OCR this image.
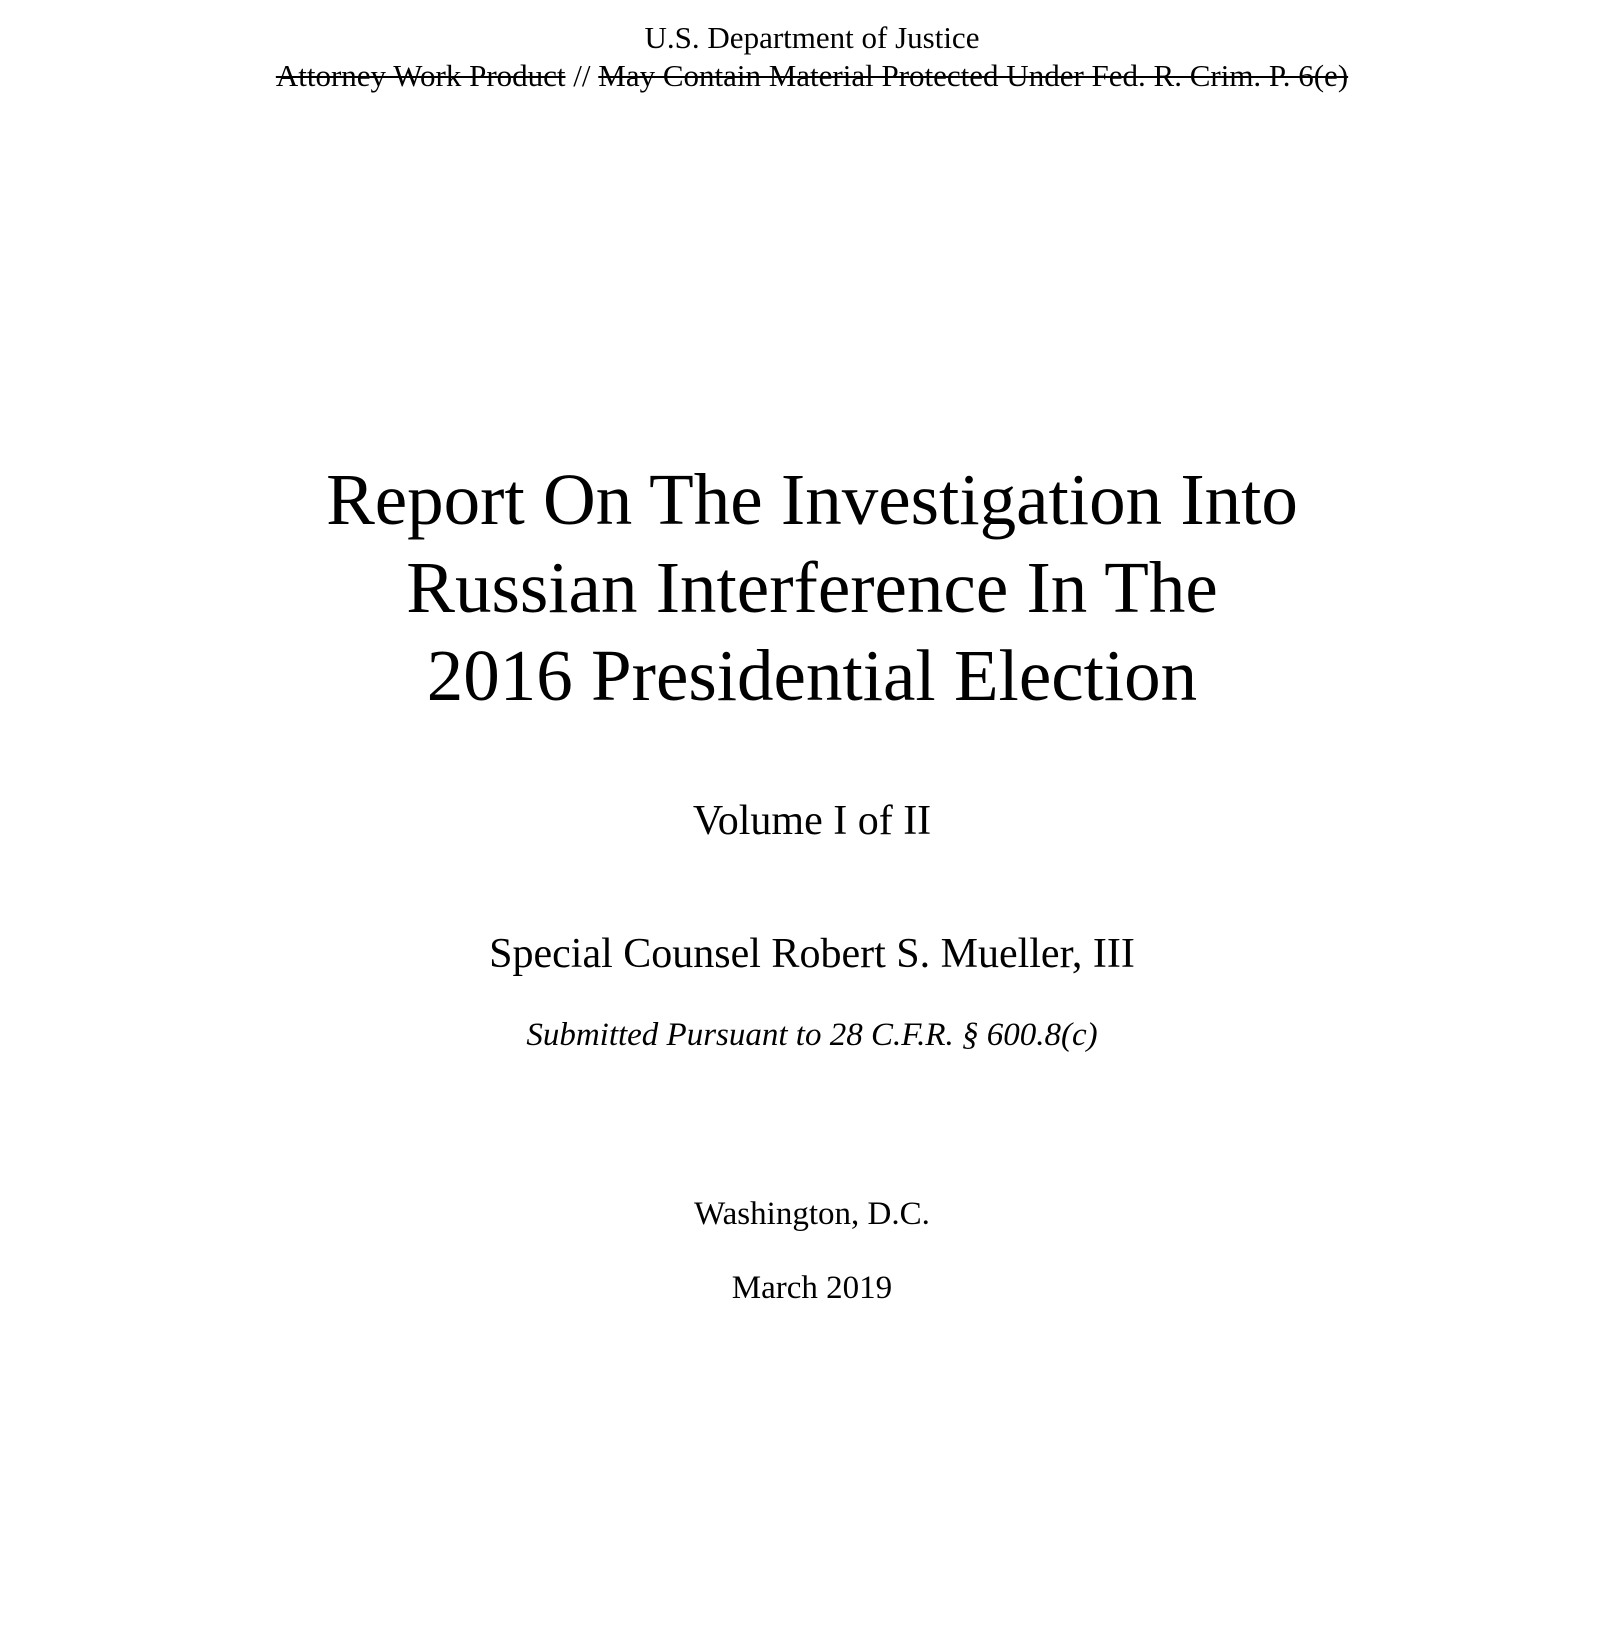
U.S. Department of Justice
Attorney Work Product // May Contain Material Protected Under Fed. R. Crim. P. 6(e)
Report On The Investigation Into
Russian Interference In The
2016 Presidential Election
Volume I of II
Special Counsel Robert S. Mueller, III
Submitted Pursuant to 28 C.F.R. § 600.8(c)
Washington, D.C.
March 2019
